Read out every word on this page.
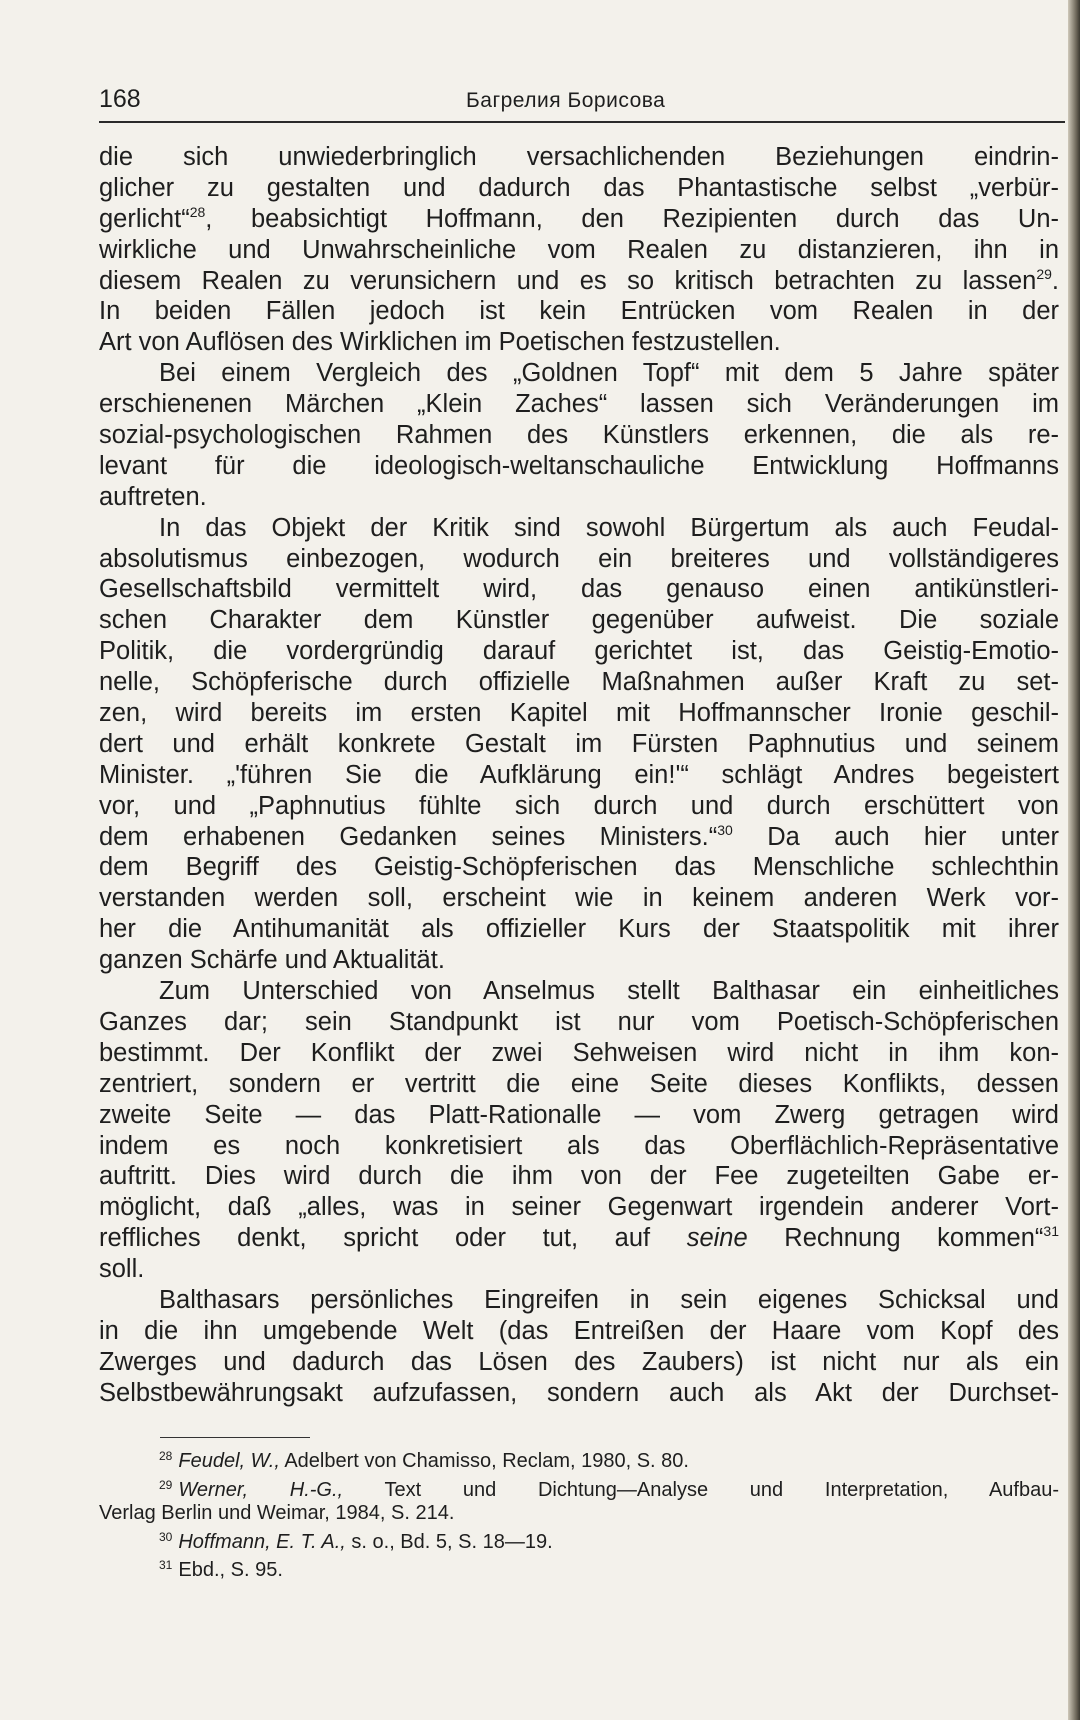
168	Багрелия Борисова
die sich unwiederbringlich versachlichenden Beziehungen eindrin-
glicher zu gestalten und dadurch das Phantastische selbst „verbür-
gerlicht“$^{28}$, beabsichtigt Hoffmann, den Rezipienten durch das Un-
wirkliche und Unwahrscheinliche vom Realen zu distanzieren, ihn in
diesem Realen zu verunsichern und es so kritisch betrachten zu lassen$^{29}$.
In beiden Fällen jedoch ist kein Entrücken vom Realen in der
Art von Auflösen des Wirklichen im Poetischen festzustellen.
Bei einem Vergleich des „Goldnen Topf“ mit dem 5 Jahre später
erschienenen Märchen „Klein Zaches“ lassen sich Veränderungen im
sozial-psychologischen Rahmen des Künstlers erkennen, die als re-
levant für die ideologisch-weltanschauliche Entwicklung Hoffmanns
auftreten.
In das Objekt der Kritik sind sowohl Bürgertum als auch Feudal-
absolutismus einbezogen, wodurch ein breiteres und vollständigeres
Gesellschaftsbild vermittelt wird, das genauso einen antikünstleri-
schen Charakter dem Künstler gegenüber aufweist. Die soziale
Politik, die vordergründig darauf gerichtet ist, das Geistig-Emotio-
nelle, Schöpferische durch offizielle Maßnahmen außer Kraft zu set-
zen, wird bereits im ersten Kapitel mit Hoffmannscher Ironie geschil-
dert und erhält konkrete Gestalt im Fürsten Paphnutius und seinem
Minister. „'führen Sie die Aufklärung ein!'“ schlägt Andres begeistert
vor, und „Paphnutius fühlte sich durch und durch erschüttert von
dem erhabenen Gedanken seines Ministers.“$^{30}$ Da auch hier unter
dem Begriff des Geistig-Schöpferischen das Menschliche schlechthin
verstanden werden soll, erscheint wie in keinem anderen Werk vor-
her die Antihumanität als offizieller Kurs der Staatspolitik mit ihrer
ganzen Schärfe und Aktualität.
Zum Unterschied von Anselmus stellt Balthasar ein einheitliches
Ganzes dar; sein Standpunkt ist nur vom Poetisch-Schöpferischen
bestimmt. Der Konflikt der zwei Sehweisen wird nicht in ihm kon-
zentriert, sondern er vertritt die eine Seite dieses Konflikts, dessen
zweite Seite — das Platt-Rationalle — vom Zwerg getragen wird
indem es noch konkretisiert als das Oberflächlich-Repräsentative
auftritt. Dies wird durch die ihm von der Fee zugeteilten Gabe er-
möglicht, daß „alles, was in seiner Gegenwart irgendein anderer Vort-
reffliches denkt, spricht oder tut, auf seine Rechnung kommen“$^{31}$
soll.
Balthasars persönliches Eingreifen in sein eigenes Schicksal und
in die ihn umgebende Welt (das Entreißen der Haare vom Kopf des
Zwerges und dadurch das Lösen des Zaubers) ist nicht nur als ein
Selbstbewährungsakt aufzufassen, sondern auch als Akt der Durchset-
$^{28}$ Feudel, W., Adelbert von Chamisso, Reclam, 1980, S. 80.
$^{29}$ Werner, H.-G., Text und Dichtung—Analyse und Interpretation, Aufbau-
Verlag Berlin und Weimar, 1984, S. 214.
$^{30}$ Hoffmann, E. T. A., s. o., Bd. 5, S. 18—19.
$^{31}$ Ebd., S. 95.
